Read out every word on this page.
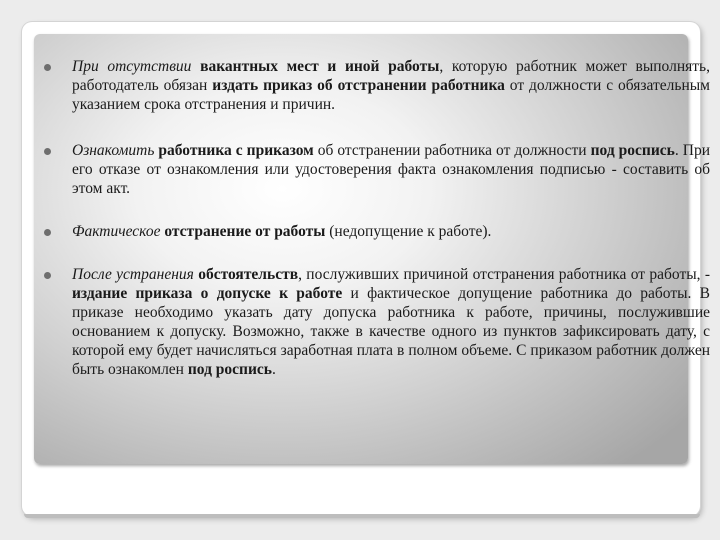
При отсутствии вакантных мест и иной работы, которую работник может выполнять, работодатель обязан издать приказ об отстранении работника от должности с обязательным указанием срока отстранения и причин.

Ознакомить работника с приказом об отстранении работника от должности под роспись. При его отказе от ознакомления или удостоверения факта ознакомления подписью - составить об этом акт.

Фактическое отстранение от работы (недопущение к работе).

После устранения обстоятельств, послуживших причиной отстранения работника от работы, - издание приказа о допуске к работе и фактическое допущение работника до работы. В приказе необходимо указать дату допуска работника к работе, причины, послужившие основанием к допуску. Возможно, также в качестве одного из пунктов зафиксировать дату, с которой ему будет начисляться заработная плата в полном объеме. С приказом работник должен быть ознакомлен под роспись.
